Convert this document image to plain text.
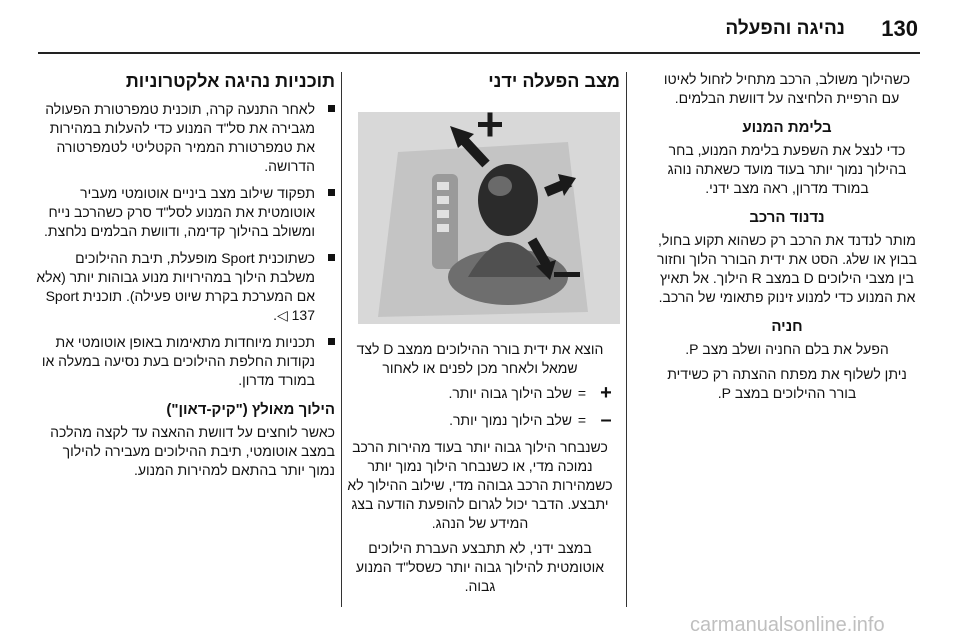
130
נהיגה והפעלה

כשהילוך משולב, הרכב מתחיל לזחול לאיטו עם הרפיית הלחיצה על דוושת הבלמים.

בלימת המנוע

כדי לנצל את השפעת בלימת המנוע, בחר בהילוך נמוך יותר בעוד מועד כשאתה נוהג במורד מדרון, ראה מצב ידני.

נדנוד הרכב

מותר לנדנד את הרכב רק כשהוא תקוע בחול, בבוץ או שלג. הסט את ידית הבורר הלוך וחזור בין מצבי הילוכים D במצב R הילוך. אל תאיץ את המנוע כדי למנוע זינוק פתאומי של הרכב.

חניה

הפעל את בלם החניה ושלב מצב P.

ניתן לשלוף את מפתח ההצתה רק כשידית בורר ההילוכים במצב P.

מצב הפעלה ידני

הוצא את ידית בורר ההילוכים ממצב D לצד שמאל ולאחר מכן לפנים או לאחור

+
=
שלב הילוך גבוה יותר.
–
=
שלב הילוך נמוך יותר.

כשנבחר הילוך גבוה יותר בעוד מהירות הרכב נמוכה מדי, או כשנבחר הילוך נמוך יותר כשמהירות הרכב גבוהה מדי, שילוב ההילוך לא יתבצע. הדבר יכול לגרום להופעת הודעה בצג המידע של הנהג.

במצב ידני, לא תתבצע העברת הילוכים אוטומטית להילוך גבוה יותר כשסל"ד המנוע גבוה.

תוכניות נהיגה אלקטרוניות
לאחר התנעה קרה, תוכנית טמפרטורת הפעולה מגבירה את סל"ד המנוע כדי להעלות במהירות את טמפרטורת הממיר הקטליטי לטמפרטורה הדרושה.
תפקוד שילוב מצב ביניים אוטומטי מעביר אוטומטית את המנוע לסל"ד סרק כשהרכב נייח ומשולב בהילוך קדימה, ודוושת הבלמים נלחצת.
כשתוכנית Sport מופעלת, תיבת ההילוכים משלבת הילוך במהירויות מנוע גבוהות יותר (אלא אם המערכת בקרת שיוט פעילה). תוכנית Sport 137 ◁.
תכניות מיוחדות מתאימות באופן אוטומטי את נקודות החלפת ההילוכים בעת נסיעה במעלה או במורד מדרון.
הילוך מאולץ ("קיק-דאון")

כאשר לוחצים על דוושת ההאצה עד לקצה מהלכה במצב אוטומטי, תיבת ההילוכים מעבירה להילוך נמוך יותר בהתאם למהירות המנוע.

carmanualsonline.info
